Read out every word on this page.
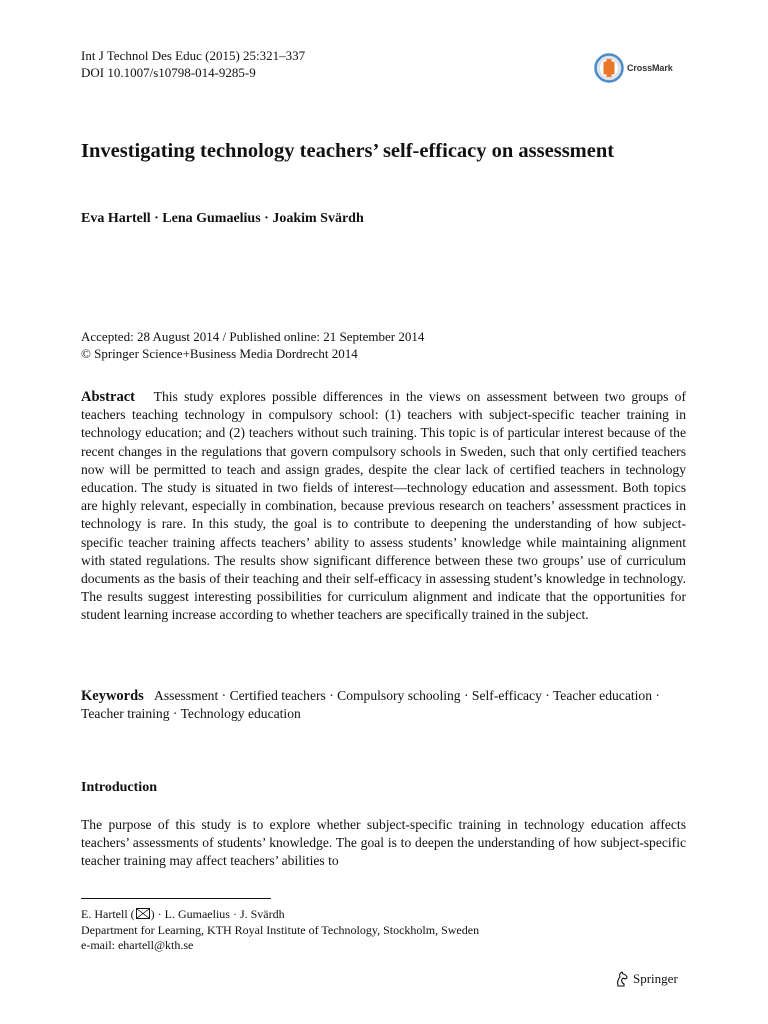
Int J Technol Des Educ (2015) 25:321–337
DOI 10.1007/s10798-014-9285-9	CrossMark
Investigating technology teachers’ self-efficacy on assessment
Eva Hartell · Lena Gumaelius · Joakim Svärdh
Accepted: 28 August 2014 / Published online: 21 September 2014
© Springer Science+Business Media Dordrecht 2014
Abstract This study explores possible differences in the views on assessment between two groups of teachers teaching technology in compulsory school: (1) teachers with subject-specific teacher training in technology education; and (2) teachers without such training. This topic is of particular interest because of the recent changes in the regulations that govern compulsory schools in Sweden, such that only certified teachers now will be permitted to teach and assign grades, despite the clear lack of certified teachers in technology education. The study is situated in two fields of interest—technology education and assessment. Both topics are highly relevant, especially in combination, because previous research on teachers’ assessment practices in technology is rare. In this study, the goal is to contribute to deepening the understanding of how subject-specific teacher training affects teachers’ ability to assess students’ knowledge while maintaining alignment with stated regulations. The results show significant difference between these two groups’ use of curriculum documents as the basis of their teaching and their self-efficacy in assessing student’s knowledge in technology. The results suggest interesting possibilities for curriculum alignment and indicate that the opportunities for student learning increase according to whether teachers are specifically trained in the subject.
Keywords Assessment · Certified teachers · Compulsory schooling · Self-efficacy · Teacher education · Teacher training · Technology education
Introduction
The purpose of this study is to explore whether subject-specific training in technology education affects teachers’ assessments of students’ knowledge. The goal is to deepen the understanding of how subject-specific teacher training may affect teachers’ abilities to
E. Hartell ( ) · L. Gumaelius · J. Svärdh
Department for Learning, KTH Royal Institute of Technology, Stockholm, Sweden
e-mail: ehartell@kth.se
Springer
